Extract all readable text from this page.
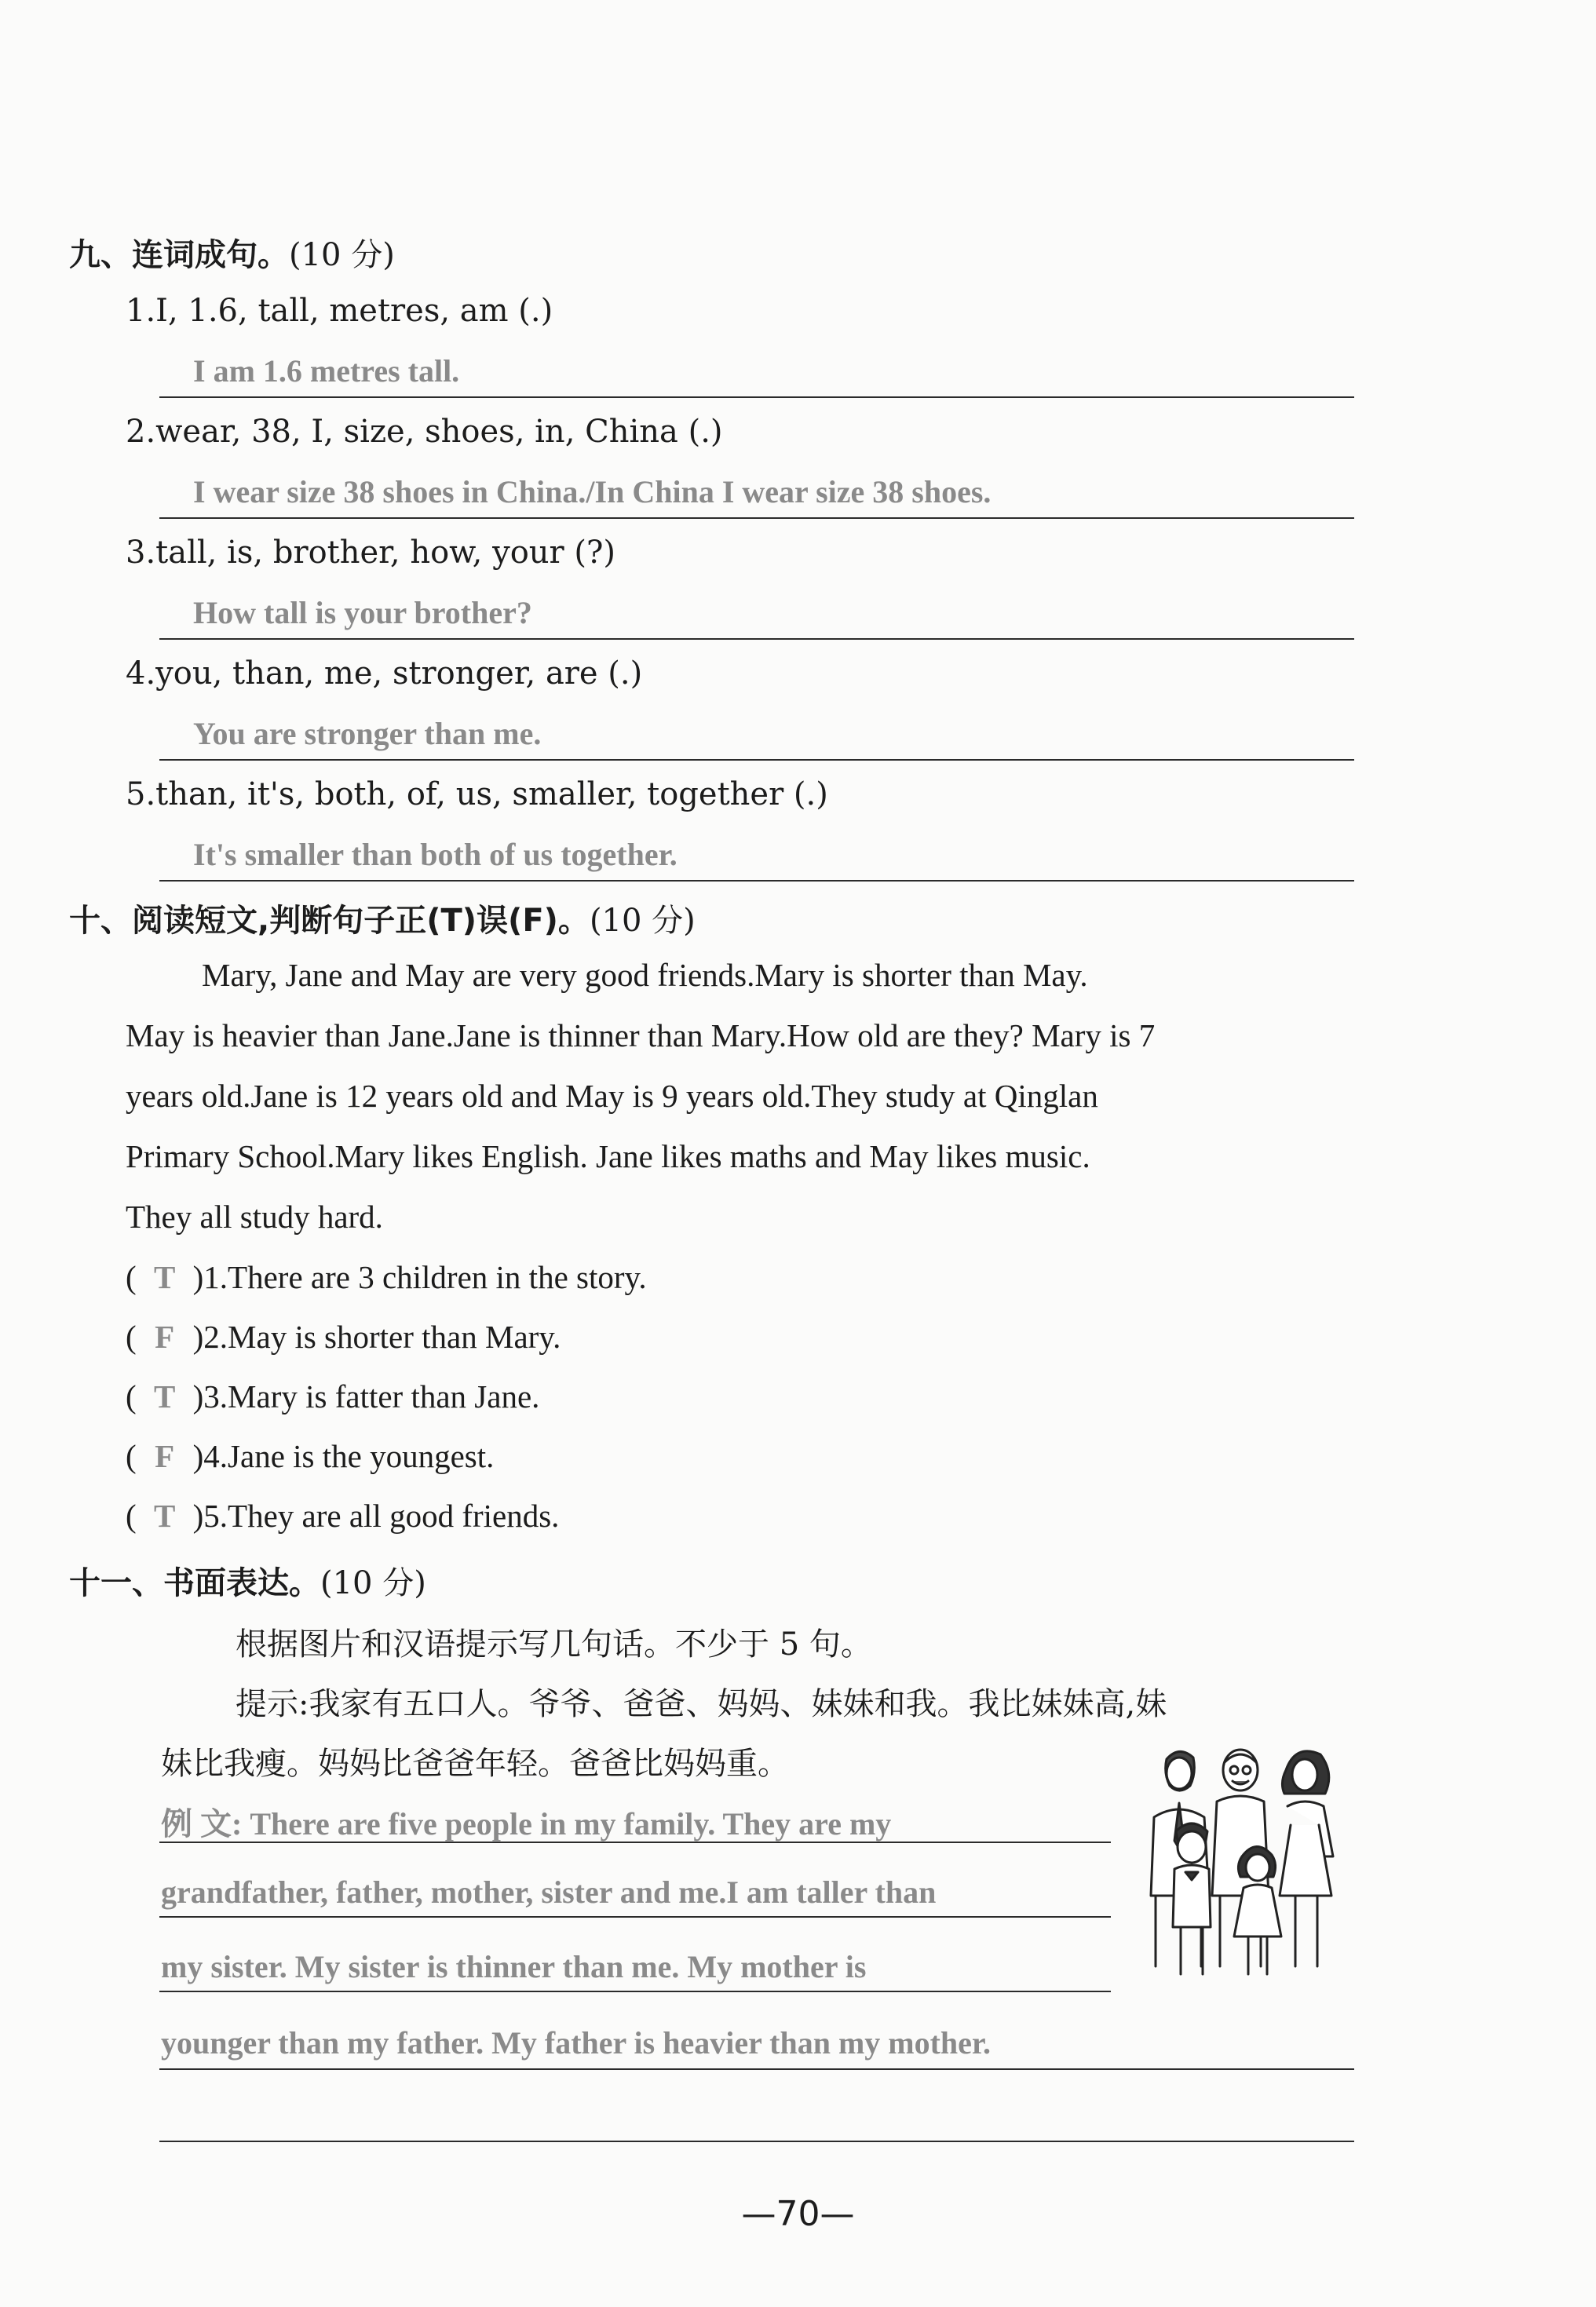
九、连词成句。(10 分)
1.I, 1.6, tall, metres, am (.)
I am 1.6 metres tall.
2.wear, 38, I, size, shoes, in, China (.)
I wear size 38 shoes in China./In China I wear size 38 shoes.
3.tall, is, brother, how, your (?)
How tall is your brother?
4.you, than, me, stronger, are (.)
You are stronger than me.
5.than, it's, both, of, us, smaller, together (.)
It's smaller than both of us together.
十、阅读短文,判断句子正(T)误(F)。(10 分)
Mary, Jane and May are very good friends.Mary is shorter than May.
May is heavier than Jane.Jane is thinner than Mary.How old are they? Mary is 7
years old.Jane is 12 years old and May is 9 years old.They study at Qinglan
Primary School.Mary likes English. Jane likes maths and May likes music.
They all study hard.
( T )1.There are 3 children in the story.
( F )2.May is shorter than Mary.
( T )3.Mary is fatter than Jane.
( F )4.Jane is the youngest.
( T )5.They are all good friends.
十一、书面表达。(10 分)
根据图片和汉语提示写几句话。不少于 5 句。
提示:我家有五口人。爷爷、爸爸、妈妈、妹妹和我。我比妹妹高,妹
妹比我瘦。妈妈比爸爸年轻。爸爸比妈妈重。
例 文: There are five people in my family. They are my
grandfather, father, mother, sister and me.I am taller than
my sister. My sister is thinner than me. My mother is
younger than my father. My father is heavier than my mother.
—70—
